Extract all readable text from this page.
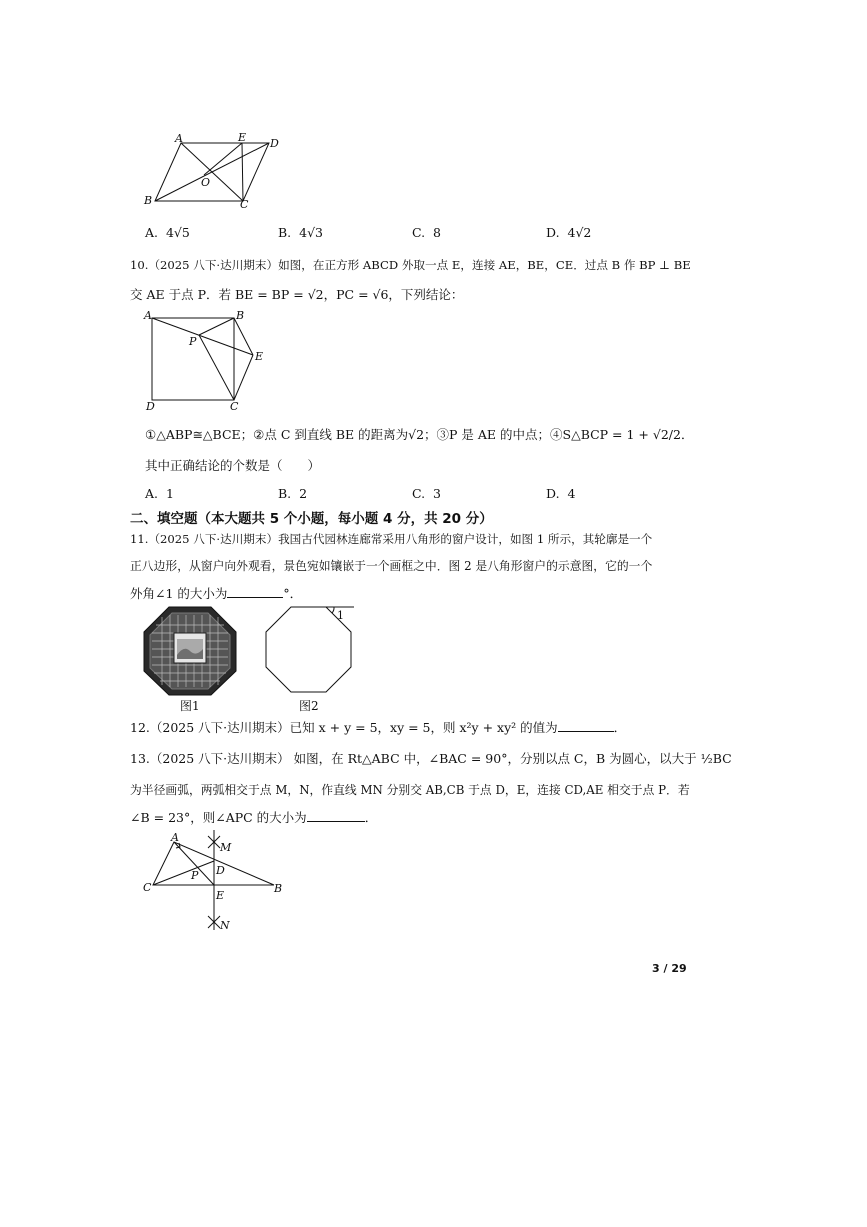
A	E D
O
B	C
A. 4√5	B. 4√3	C. 8	D. 4√2
10.（2025 八下·达川期末）如图，在正方形 ABCD 外取一点 E，连接 AE，BE，CE．过点 B 作 BP ⊥ BE
交 AE 于点 P．若 BE = BP = √2，PC = √6，下列结论：
A	B
P
E
D	C
①△ABP≅△BCE；②点 C 到直线 BE 的距离为√2；③P 是 AE 的中点；④S△BCP = 1 + √2/2．
其中正确结论的个数是（　　）
A. 1	B. 2	C. 3	D. 4
二、填空题（本大题共 5 个小题，每小题 4 分，共 20 分）
11.（2025 八下·达川期末）我国古代园林连廊常采用八角形的窗户设计，如图 1 所示，其轮廓是一个
正八边形，从窗户向外观看，景色宛如镶嵌于一个画框之中．图 2 是八角形窗户的示意图，它的一个
外角∠1 的大小为	°．
图1
1
图2
12.（2025 八下·达川期末）已知 x + y = 5，xy = 5，则 x²y + xy² 的值为	．
13.（2025 八下·达川期末） 如图，在 Rt△ABC 中，∠BAC = 90°，分别以点 C，B 为圆心，以大于 ½BC
为半径画弧，两弧相交于点 M，N，作直线 MN 分别交 AB,CB 于点 D，E，连接 CD,AE 相交于点 P．若
∠B = 23°，则∠APC 的大小为	．
A
M
D
P
C
E
B
N
3 / 29
